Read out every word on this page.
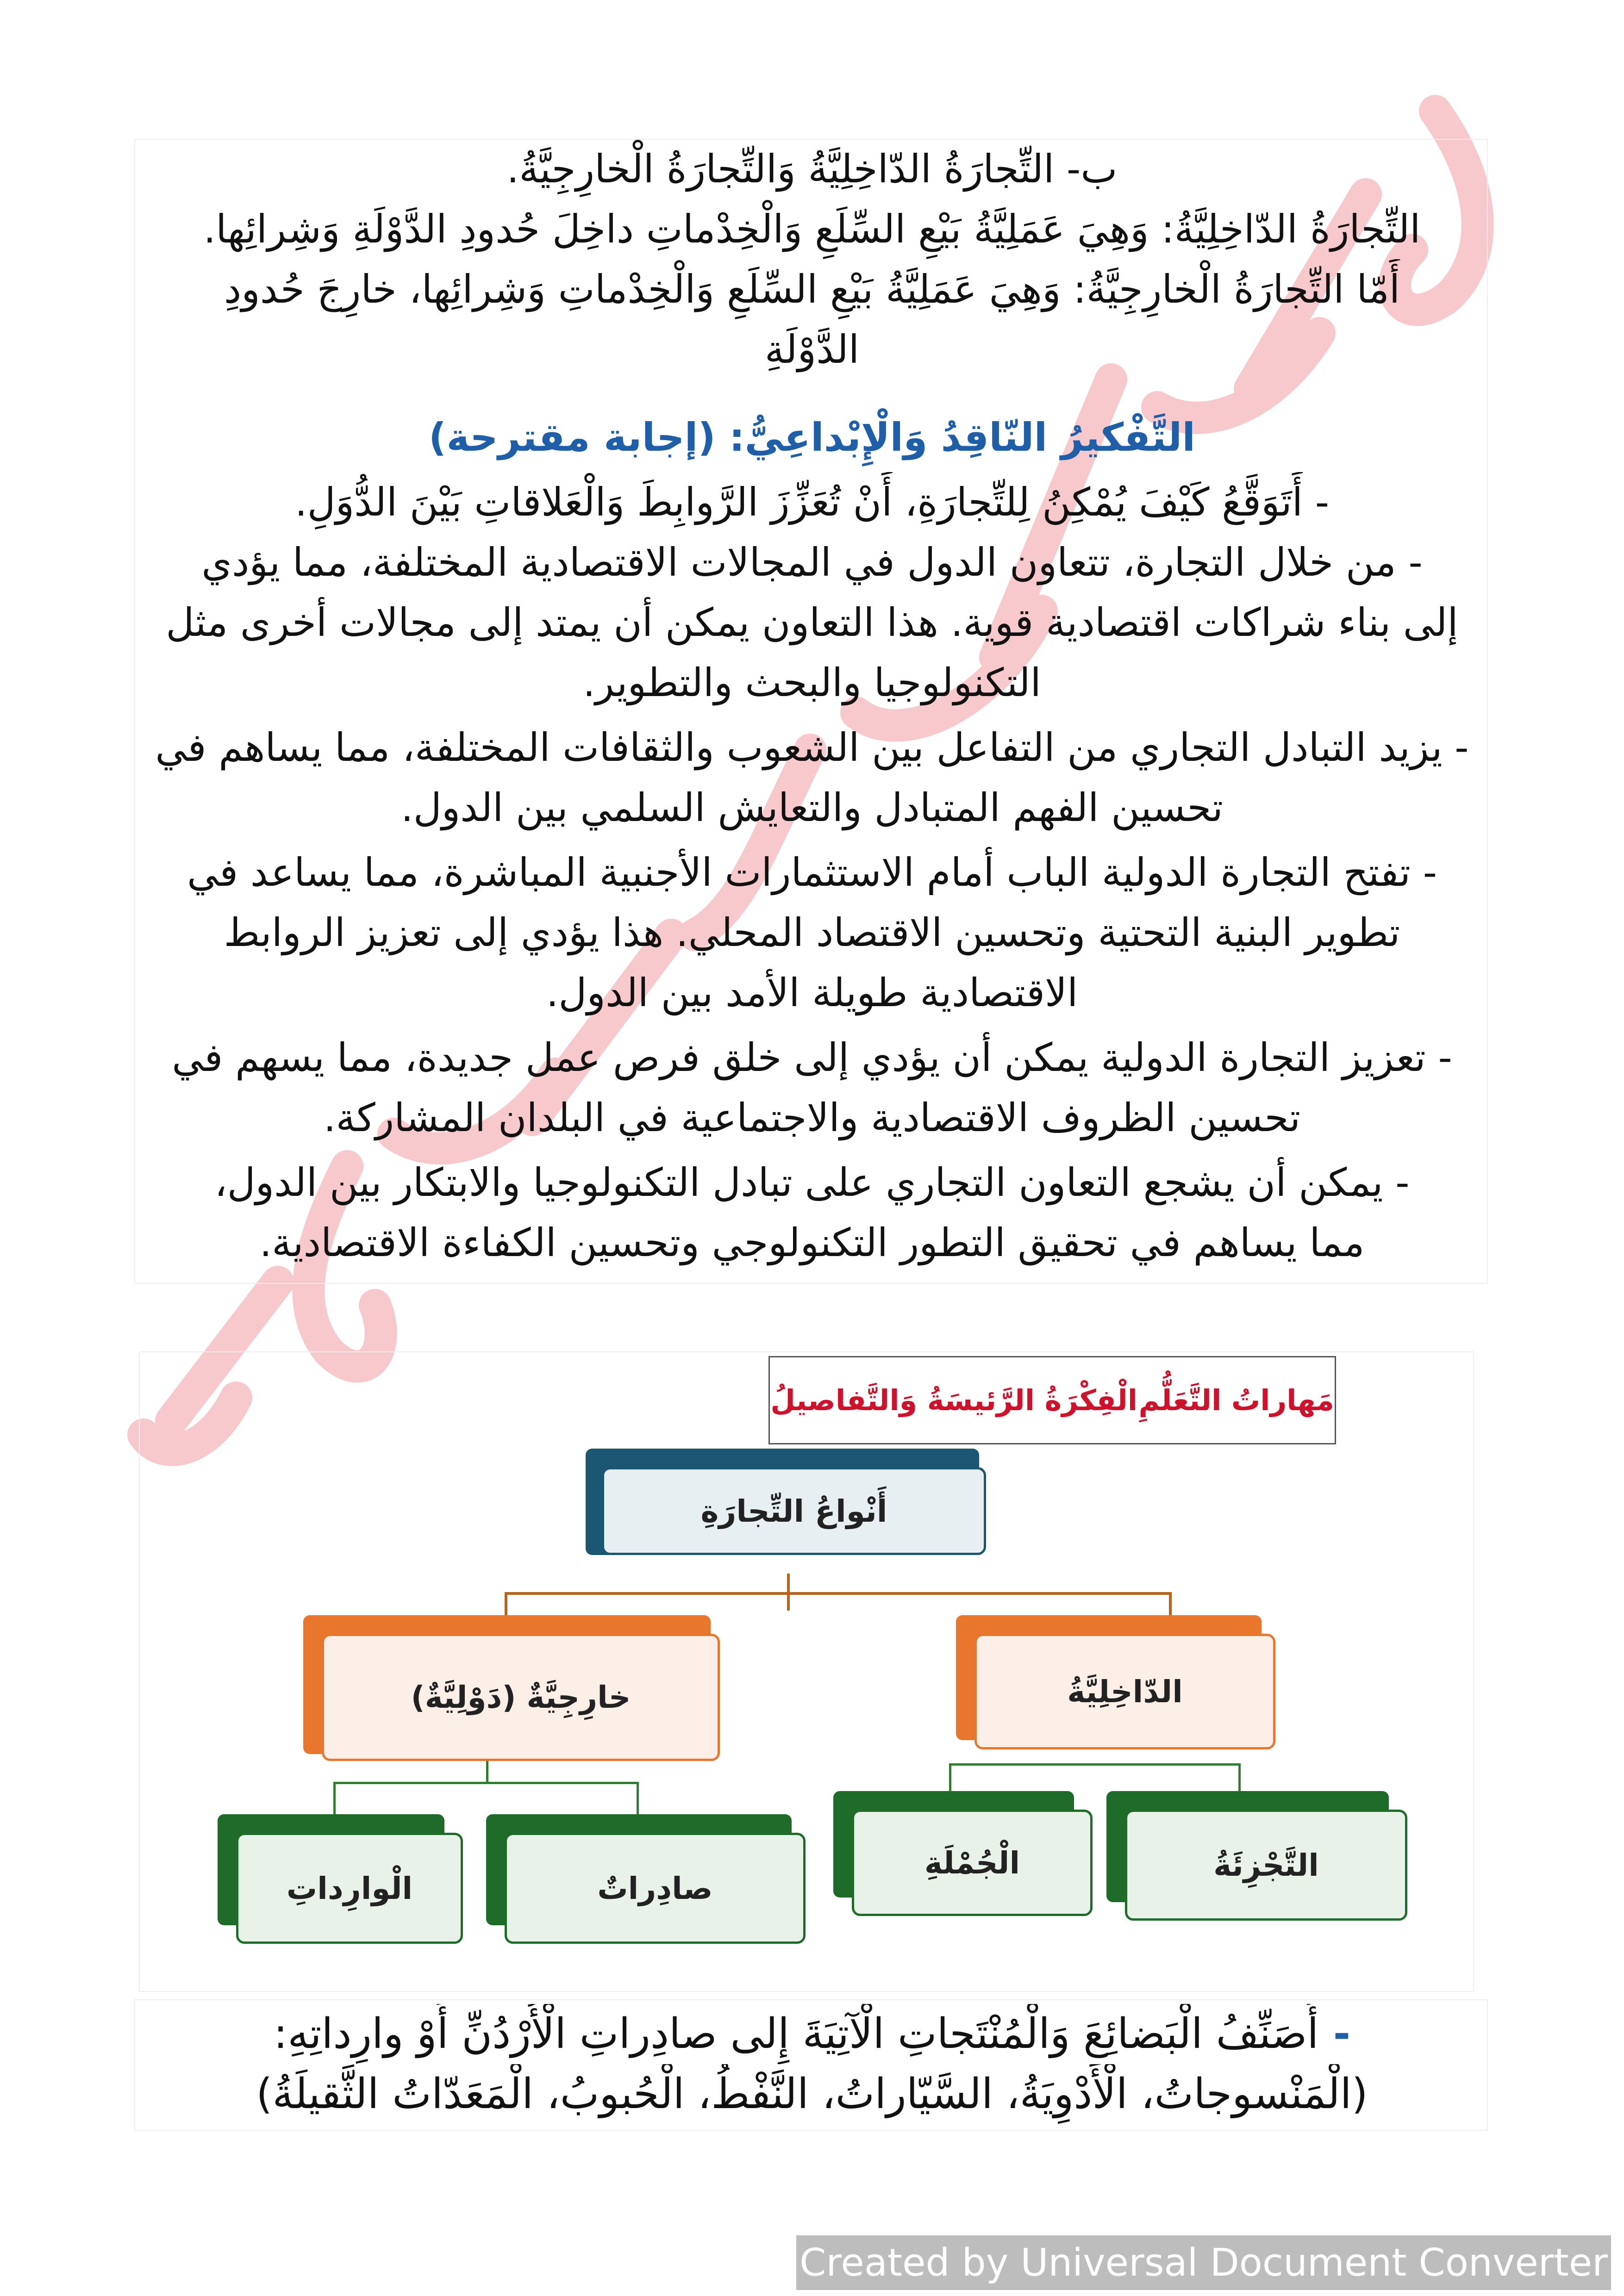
ب- التِّجارَةُ الدّاخِلِيَّةُ وَالتِّجارَةُ الْخارِجِيَّةُ.
التِّجارَةُ الدّاخِلِيَّةُ: وَهِيَ عَمَلِيَّةُ بَيْعِ السِّلَعِ وَالْخِدْماتِ داخِلَ حُدودِ الدَّوْلَةِ وَشِرائِها.
أَمّا التِّجارَةُ الْخارِجِيَّةُ: وَهِيَ عَمَلِيَّةُ بَيْعِ السِّلَعِ وَالْخِدْماتِ وَشِرائِها، خارِجَ حُدودِ
الدَّوْلَةِ
التَّفْكيرُ النّاقِدُ وَالْإِبْداعِيُّ: (إجابة مقترحة)
- أَتَوَقَّعُ كَيْفَ يُمْكِنُ لِلتِّجارَةِ، أَنْ تُعَزِّزَ الرَّوابِطَ وَالْعَلاقاتِ بَيْنَ الدُّوَلِ.
- من خلال التجارة، تتعاون الدول في المجالات الاقتصادية المختلفة، مما يؤدي
إلى بناء شراكات اقتصادية قوية. هذا التعاون يمكن أن يمتد إلى مجالات أخرى مثل
التكنولوجيا والبحث والتطوير.
- يزيد التبادل التجاري من التفاعل بين الشعوب والثقافات المختلفة، مما يساهم في
تحسين الفهم المتبادل والتعايش السلمي بين الدول.
- تفتح التجارة الدولية الباب أمام الاستثمارات الأجنبية المباشرة، مما يساعد في
تطوير البنية التحتية وتحسين الاقتصاد المحلي. هذا يؤدي إلى تعزيز الروابط
الاقتصادية طويلة الأمد بين الدول.
- تعزيز التجارة الدولية يمكن أن يؤدي إلى خلق فرص عمل جديدة، مما يسهم في
تحسين الظروف الاقتصادية والاجتماعية في البلدان المشاركة.
- يمكن أن يشجع التعاون التجاري على تبادل التكنولوجيا والابتكار بين الدول،
مما يساهم في تحقيق التطور التكنولوجي وتحسين الكفاءة الاقتصادية.
مَهاراتُ التَّعَلُّمِ
الْفِكْرَةُ الرَّئيسَةُ وَالتَّفاصيلُ
أَنْواعُ التِّجارَةِ
خارِجِيَّةٌ (دَوْلِيَّةٌ)	الدّاخِلِيَّةُ
الْوارِداتِ	صادِراتٌ
الْجُمْلَةِ	التَّجْزِئَةُ
- أُصَنِّفُ الْبَضائِعَ وَالْمُنْتَجاتِ الْآتِيَةَ إِلى صادِراتِ الْأُرْدُنِّ أَوْ وارِداتِهِ:
(الْمَنْسوجاتُ، الْأَدْوِيَةُ، السَّيّاراتُ، النَّفْطُ، الْحُبوبُ، الْمَعَدّاتُ الثَّقيلَةُ)
Created by Universal Document Converter
